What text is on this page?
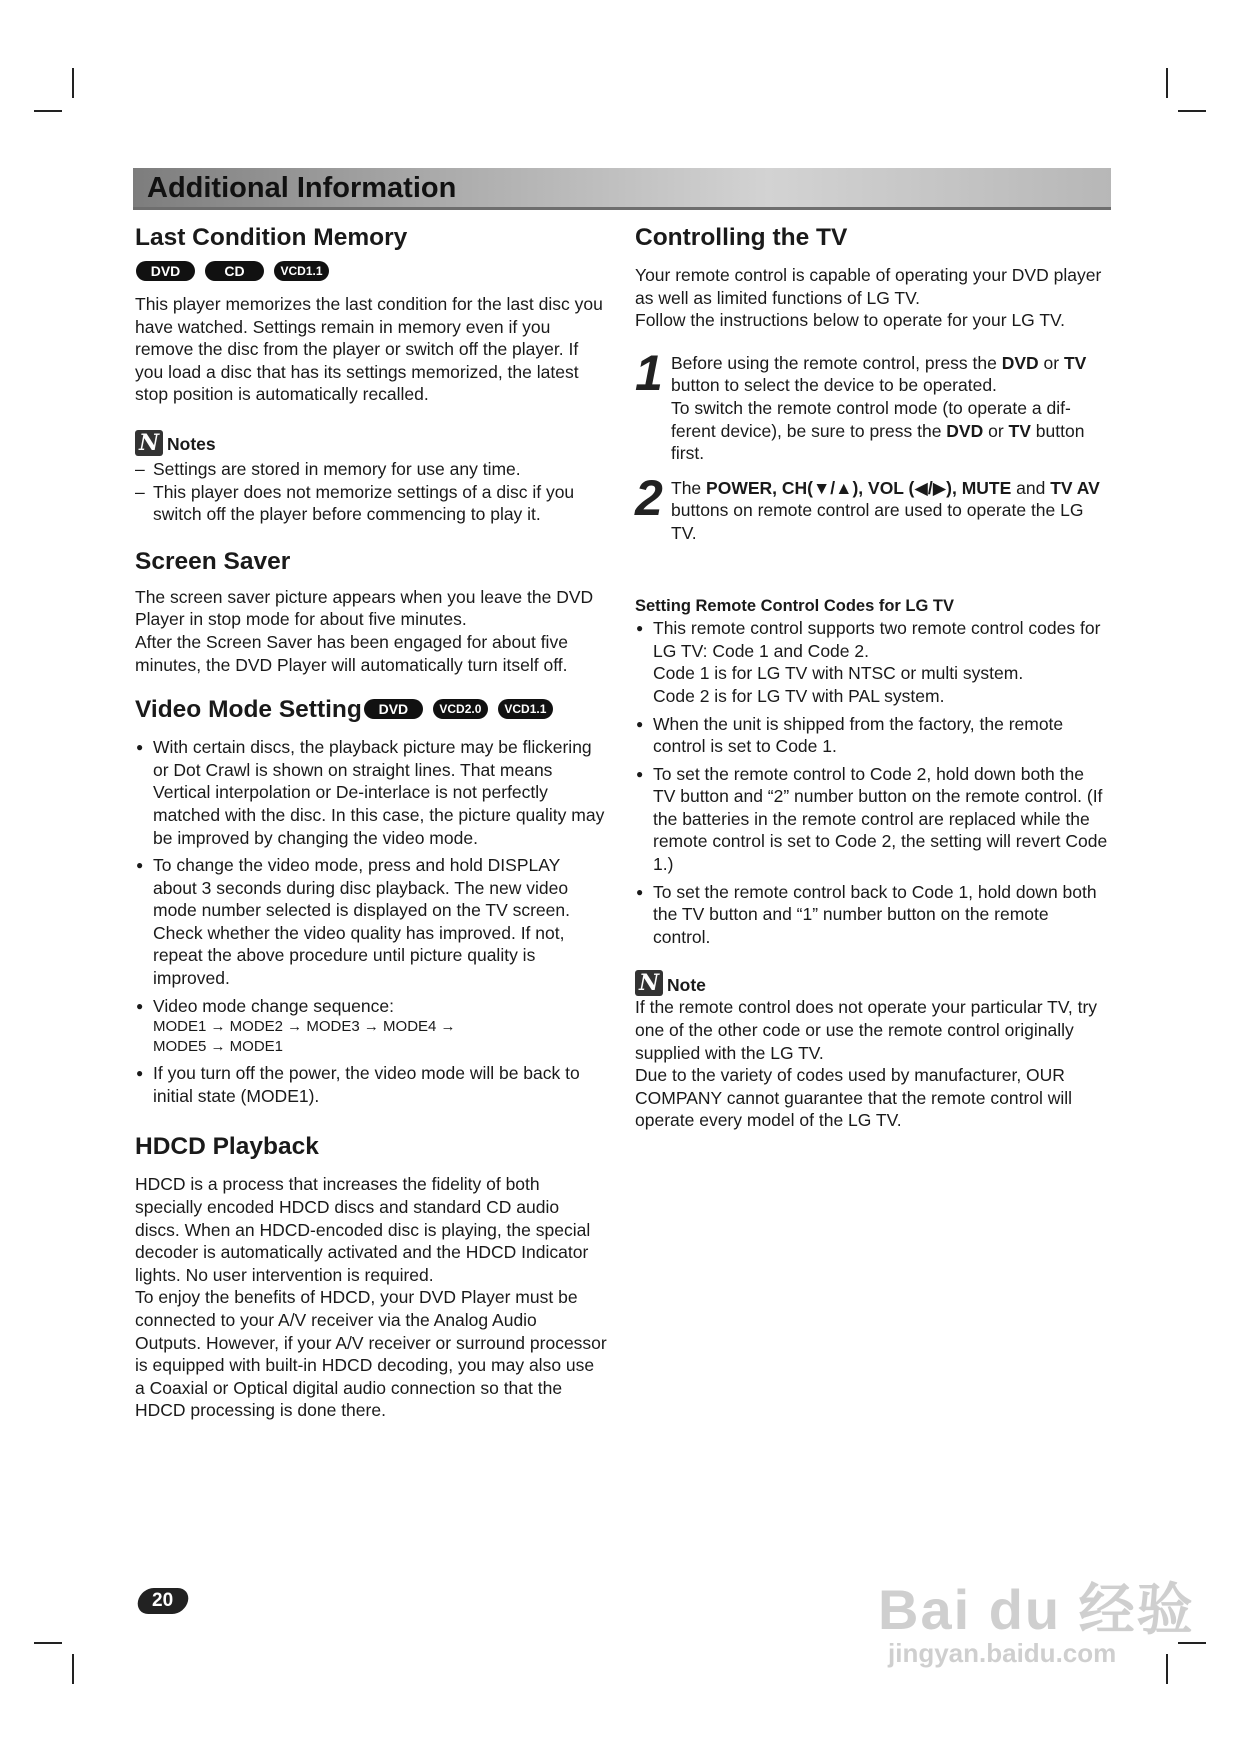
Additional Information
Last Condition Memory
DVD	CD	VCD1.1

This player memorizes the last condition for the last disc you have watched. Settings remain in memory even if you remove the disc from the player or switch off the player. If you load a disc that has its settings memorized, the latest stop position is automatically recalled.

N Notes
– Settings are stored in memory for use any time.
– This player does not memorize settings of a disc if you switch off the player before commencing to play it.
Screen Saver

The screen saver picture appears when you leave the DVD Player in stop mode for about five minutes.

After the Screen Saver has been engaged for about five minutes, the DVD Player will automatically turn itself off.

Video Mode Setting	DVD	VCD2.0	VCD1.1
● With certain discs, the playback picture may be flickering or Dot Crawl is shown on straight lines. That means Vertical interpolation or De-interlace is not perfectly matched with the disc. In this case, the picture quality may be improved by changing the video mode.
● To change the video mode, press and hold DISPLAY about 3 seconds during disc playback. The new video mode number selected is displayed on the TV screen. Check whether the video quality has improved. If not, repeat the above procedure until picture quality is improved.
● Video mode change sequence:
MODE1 → MODE2 → MODE3 → MODE4 →
MODE5 → MODE1
● If you turn off the power, the video mode will be back to initial state (MODE1).
HDCD Playback

HDCD is a process that increases the fidelity of both specially encoded HDCD discs and standard CD audio discs. When an HDCD-encoded disc is playing, the special decoder is automatically activated and the HDCD Indicator lights. No user intervention is required.

To enjoy the benefits of HDCD, your DVD Player must be connected to your A/V receiver via the Analog Audio Outputs. However, if your A/V receiver or surround processor is equipped with built-in HDCD decoding, you may also use a Coaxial or Optical digital audio connection so that the HDCD processing is done there.

Controlling the TV

Your remote control is capable of operating your DVD player as well as limited functions of LG TV.

Follow the instructions below to operate for your LG TV.

1 Before using the remote control, press the DVD or TV button to select the device to be operated.
To switch the remote control mode (to operate a different device), be sure to press the DVD or TV button first.
2 The POWER, CH(▼/▲), VOL (◀/▶), MUTE and TV AV buttons on remote control are used to operate the LG TV.
Setting Remote Control Codes for LG TV
● This remote control supports two remote control codes for LG TV: Code 1 and Code 2.
Code 1 is for LG TV with NTSC or multi system.
Code 2 is for LG TV with PAL system.
● When the unit is shipped from the factory, the remote control is set to Code 1.
● To set the remote control to Code 2, hold down both the TV button and “2” number button on the remote control. (If the batteries in the remote control are replaced while the remote control is set to Code 2, the setting will revert Code 1.)
● To set the remote control back to Code 1, hold down both the TV button and “1” number button on the remote control.
N Note

If the remote control does not operate your particular TV, try one of the other code or use the remote control originally supplied with the LG TV.

Due to the variety of codes used by manufacturer, OUR COMPANY cannot guarantee that the remote control will operate every model of the LG TV.

20	Bai du 经验
jingyan.baidu.com
